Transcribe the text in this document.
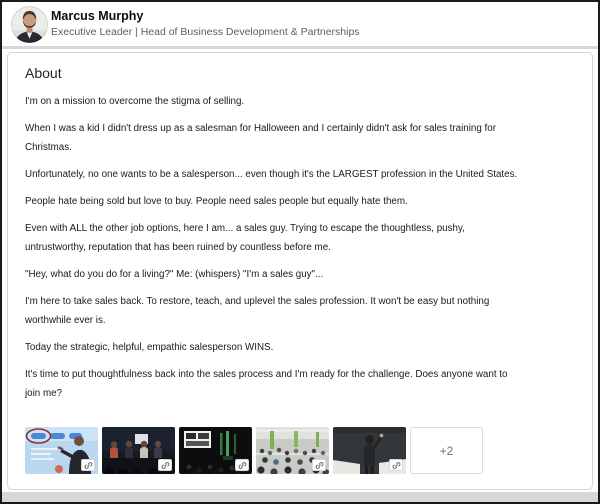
Marcus Murphy
Executive Leader | Head of Business Development & Partnerships
About

I'm on a mission to overcome the stigma of selling.

When I was a kid I didn't dress up as a salesman for Halloween and I certainly didn't ask for sales training for Christmas.

Unfortunately, no one wants to be a salesperson... even though it's the LARGEST profession in the United States.

People hate being sold but love to buy. People need sales people but equally hate them.

Even with ALL the other job options, here I am... a sales guy. Trying to escape the thoughtless, pushy, untrustworthy, reputation that has been ruined by countless before me.

"Hey, what do you do for a living?" Me: (whispers) "I'm a sales guy"...

I'm here to take sales back. To restore, teach, and uplevel the sales profession. It won't be easy but nothing worthwhile ever is.

Today the strategic, helpful, empathic salesperson WINS.

It's time to put thoughtfulness back into the sales process and I'm ready for the challenge. Does anyone want to join me?

+2
